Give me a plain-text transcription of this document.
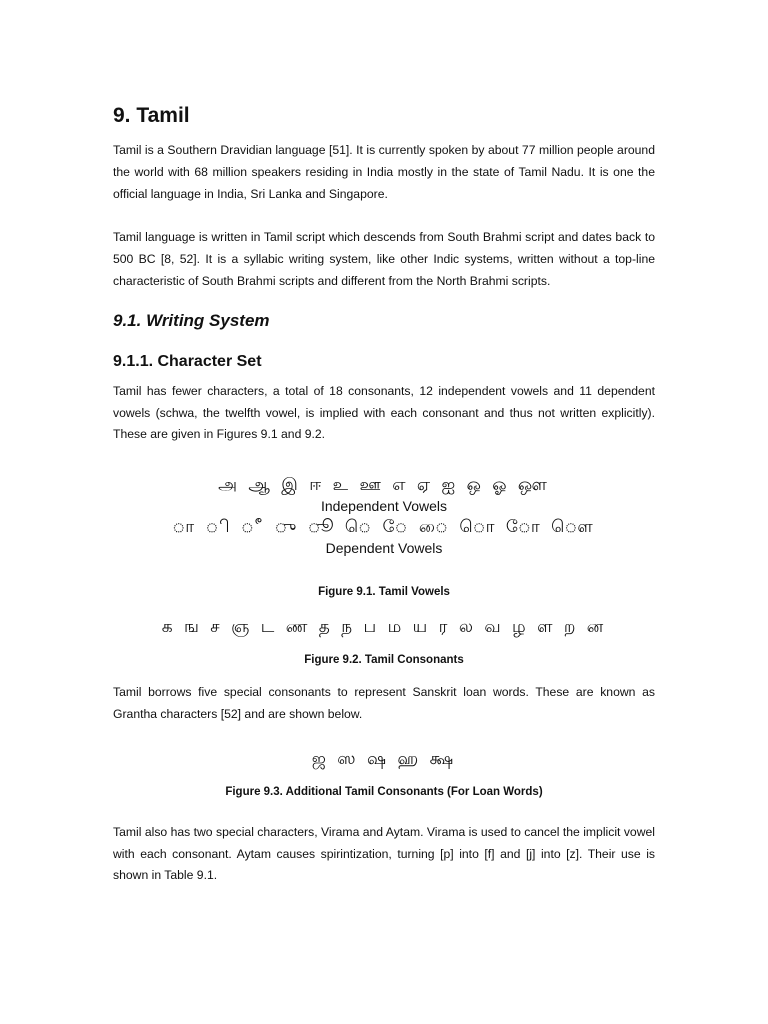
9. Tamil

Tamil is a Southern Dravidian language [51]. It is currently spoken by about 77 million people around the world with 68 million speakers residing in India mostly in the state of Tamil Nadu. It is one the official language in India, Sri Lanka and Singapore.

Tamil language is written in Tamil script which descends from South Brahmi script and dates back to 500 BC [8, 52]. It is a syllabic writing system, like other Indic systems, written without a top-line characteristic of South Brahmi scripts and different from the North Brahmi scripts.

9.1. Writing System
9.1.1. Character Set

Tamil has fewer characters, a total of 18 consonants, 12 independent vowels and 11 dependent vowels (schwa, the twelfth vowel, is implied with each consonant and thus not written explicitly). These are given in Figures 9.1 and 9.2.

அ ஆ இ ஈ உ ஊ எ ஏ ஐ ஒ ஓ ஔ
Independent Vowels
◌ா ◌ி ◌ீ ◌ு ◌ூ ◌ெ ◌ே ◌ை ◌ொ ◌ோ ◌ௌ
Dependent Vowels
Figure 9.1. Tamil Vowels
க ங ச ஞ ட ண த ந ப ம ய ர ல வ ழ ள ற ன
Figure 9.2. Tamil Consonants

Tamil borrows five special consonants to represent Sanskrit loan words. These are known as Grantha characters [52] and are shown below.

ஜ ஸ ஷ ஹ க்ஷ
Figure 9.3. Additional Tamil Consonants (For Loan Words)

Tamil also has two special characters, Virama and Aytam. Virama is used to cancel the implicit vowel with each consonant. Aytam causes spirintization, turning [p] into [f] and [j] into [z]. Their use is shown in Table 9.1.
